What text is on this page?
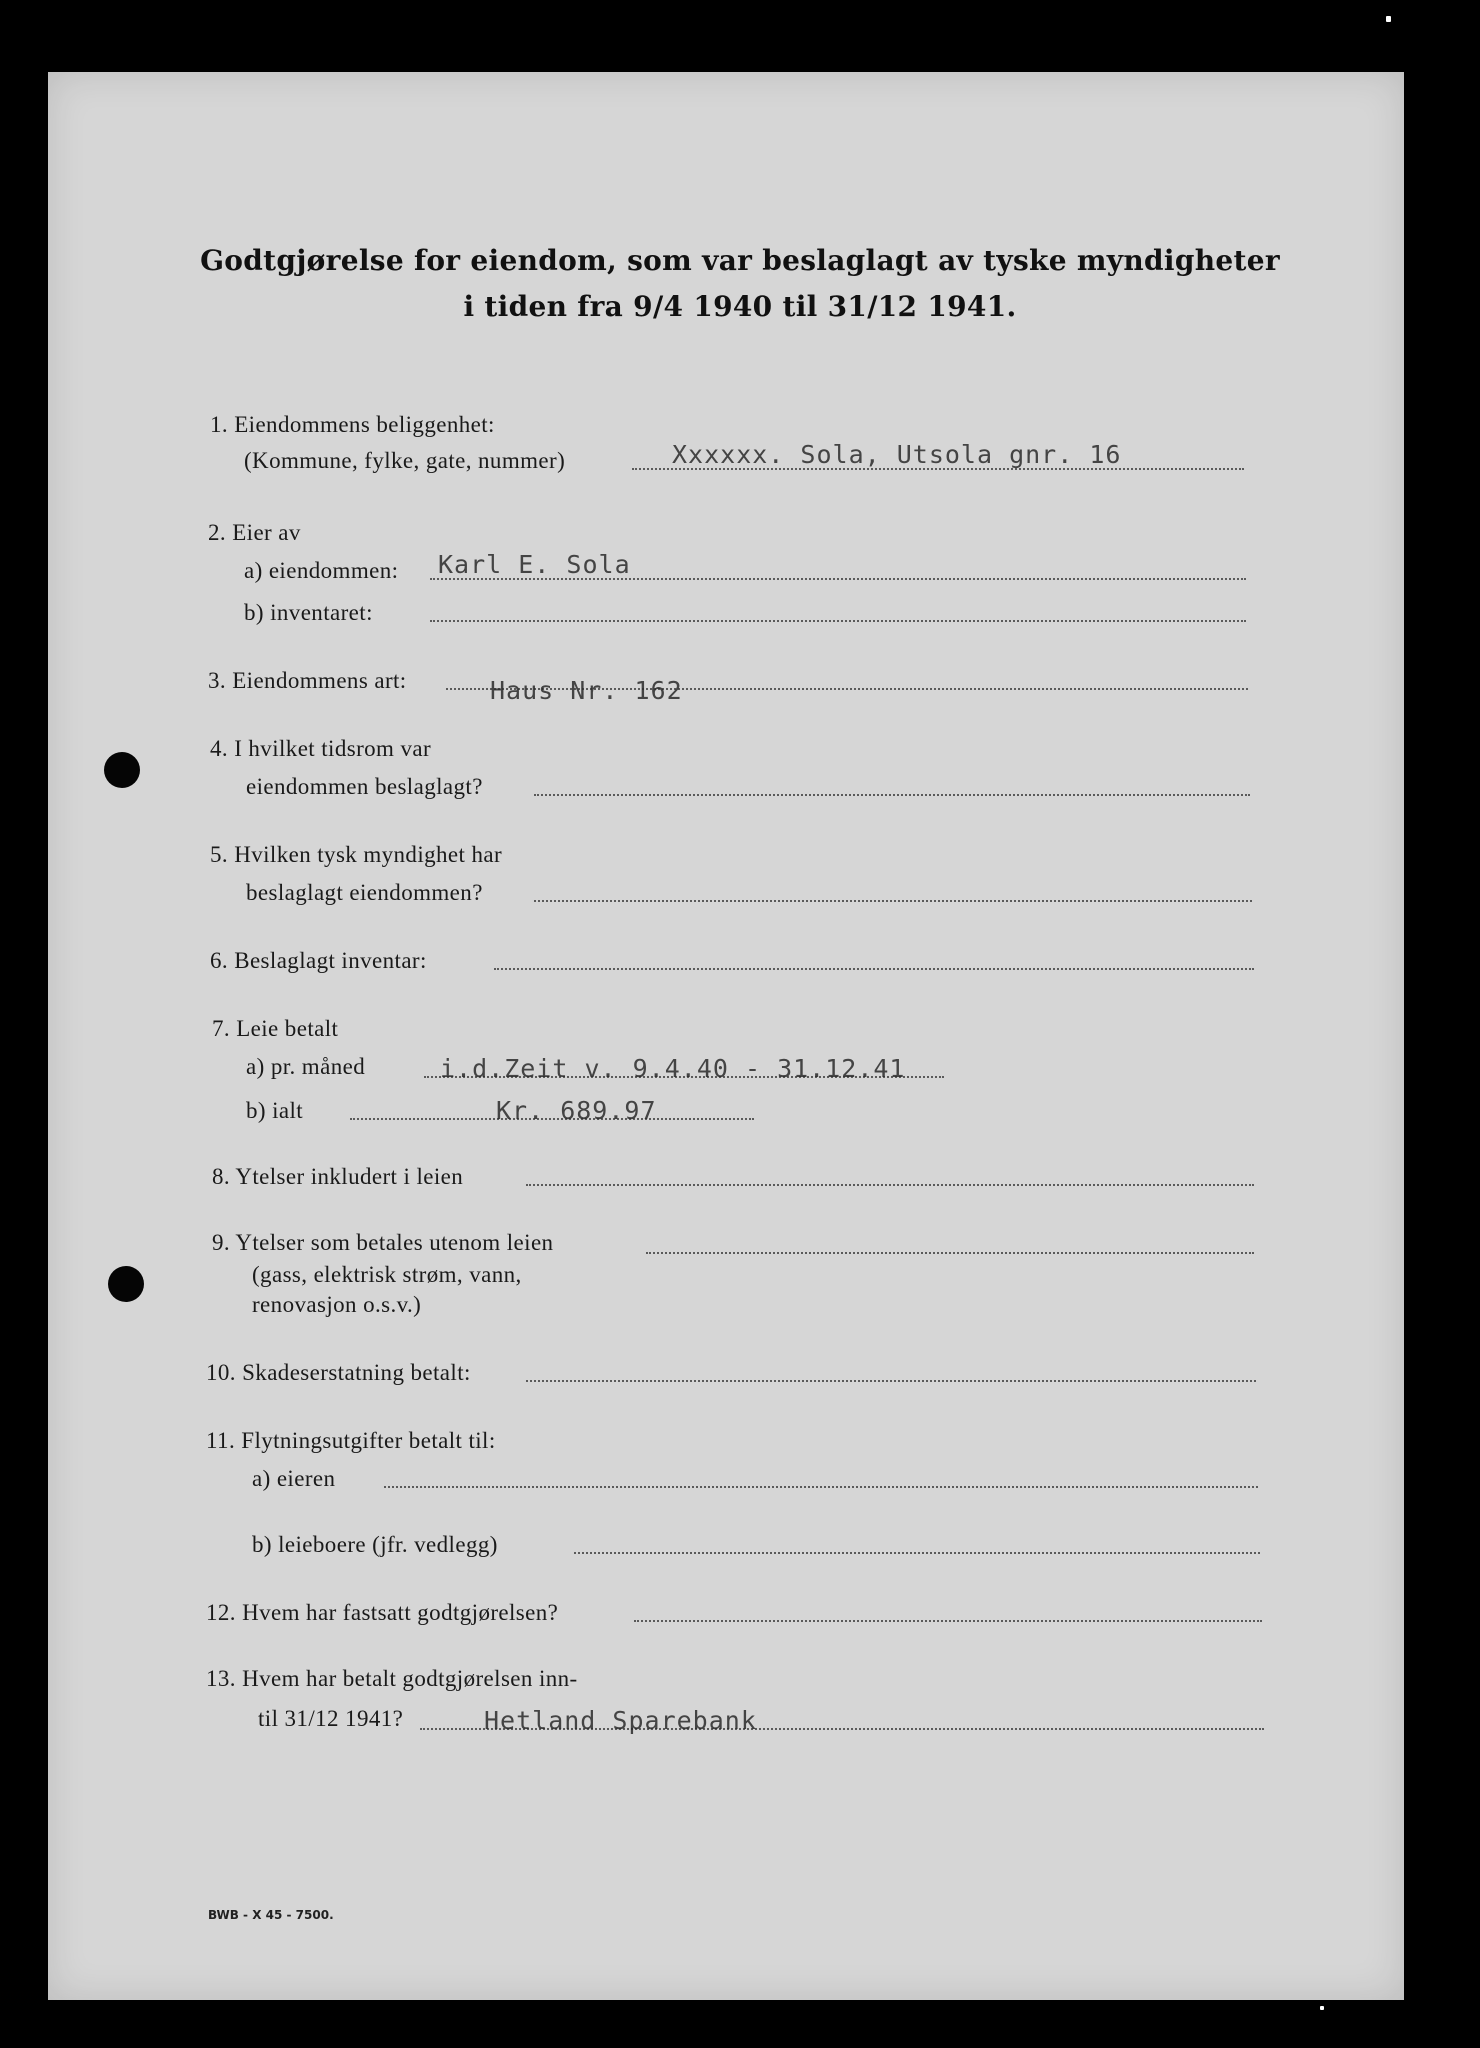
Godtgjørelse for eiendom, som var beslaglagt av tyske myndigheter
i tiden fra 9/4 1940 til 31/12 1941.
1. Eiendommens beliggenhet:
(Kommune, fylke, gate, nummer)	Xxxxxx. Sola, Utsola gnr. 16
2. Eier av
a) eiendommen: Karl E. Sola
b) inventaret:
3. Eiendommens art:	Haus Nr. 162
4. I hvilket tidsrom var
eiendommen beslaglagt?
5. Hvilken tysk myndighet har
beslaglagt eiendommen?
6. Beslaglagt inventar:
7. Leie betalt
a) pr. måned	i.d.Zeit v. 9.4.40 - 31.12.41
b) ialt	Kr. 689.97
8. Ytelser inkludert i leien
9. Ytelser som betales utenom leien
(gass, elektrisk strøm, vann,
renovasjon o.s.v.)
10. Skadeserstatning betalt:
11. Flytningsutgifter betalt til:
a) eieren
b) leieboere (jfr. vedlegg)
12. Hvem har fastsatt godtgjørelsen?
13. Hvem har betalt godtgjørelsen inn-
til 31/12 1941?	Hetland Sparebank
BWB - X 45 - 7500.
